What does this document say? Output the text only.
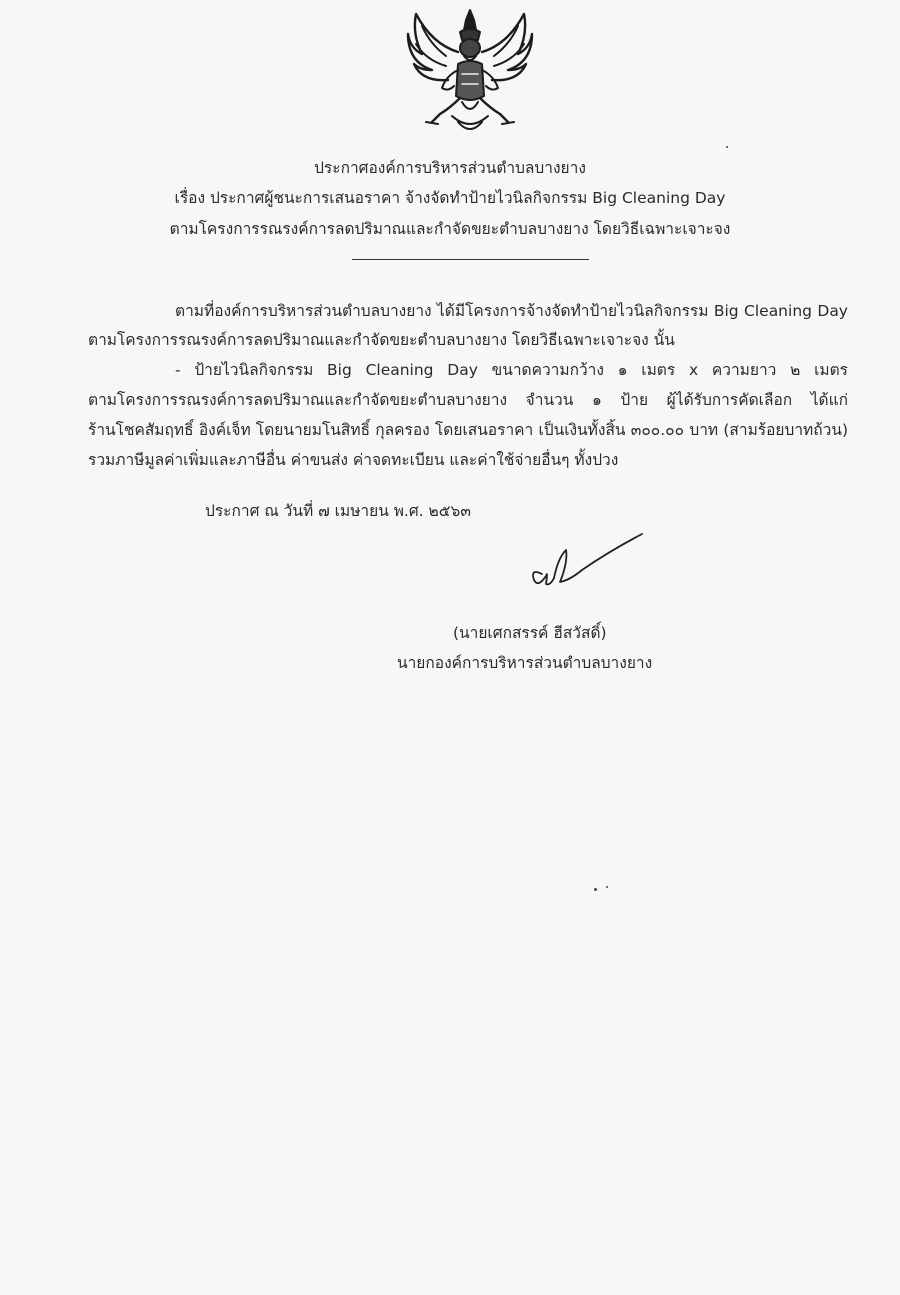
ประกาศองค์การบริหารส่วนตำบลบางยาง
เรื่อง ประกาศผู้ชนะการเสนอราคา จ้างจัดทำป้ายไวนิลกิจกรรม Big Cleaning Day
ตามโครงการรณรงค์การลดปริมาณและกำจัดขยะตำบลบางยาง โดยวิธีเฉพาะเจาะจง
ตามที่องค์การบริหารส่วนตำบลบางยาง ได้มีโครงการจ้างจัดทำป้ายไวนิลกิจกรรม Big Cleaning Day
ตามโครงการรณรงค์การลดปริมาณและกำจัดขยะตำบลบางยาง โดยวิธีเฉพาะเจาะจง นั้น
- ป้ายไวนิลกิจกรรม Big Cleaning Day ขนาดความกว้าง ๑ เมตร x ความยาว ๒ เมตร
ตามโครงการรณรงค์การลดปริมาณและกำจัดขยะตำบลบางยาง จำนวน ๑ ป้าย ผู้ได้รับการคัดเลือก ได้แก่
ร้านโชคสัมฤทธิ์ อิงค์เจ็ท โดยนายมโนสิทธิ์ กุลครอง โดยเสนอราคา เป็นเงินทั้งสิ้น ๓๐๐.๐๐ บาท (สามร้อยบาทถ้วน)
รวมภาษีมูลค่าเพิ่มและภาษีอื่น ค่าขนส่ง ค่าจดทะเบียน และค่าใช้จ่ายอื่นๆ ทั้งปวง
ประกาศ ณ วันที่ ๗ เมษายน พ.ศ. ๒๕๖๓
(นายเศกสรรค์ ฮีสวัสดิ์)
นายกองค์การบริหารส่วนตำบลบางยาง
